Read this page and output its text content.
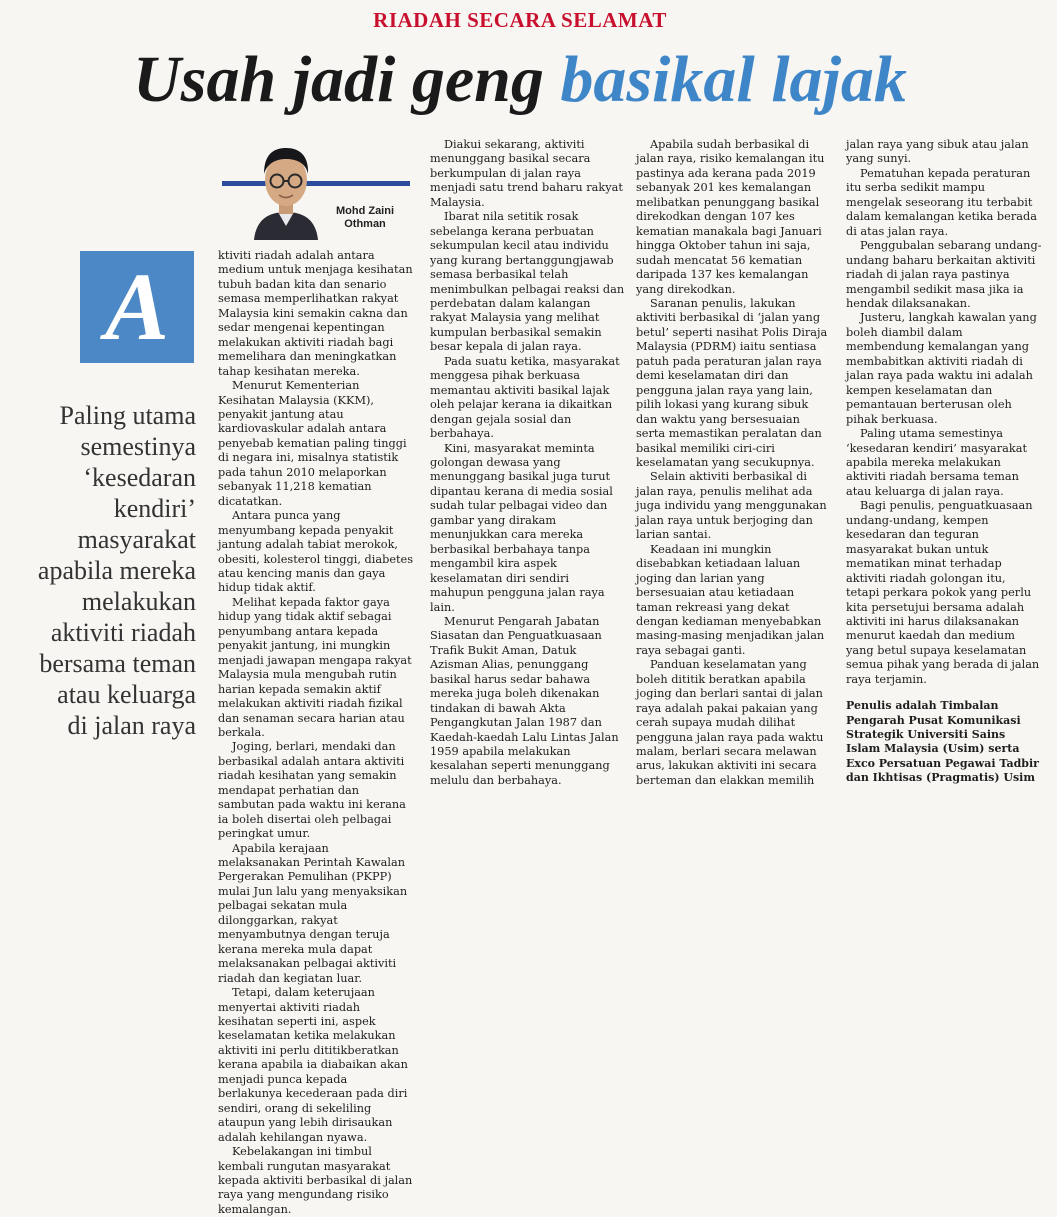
RIADAH SECARA SELAMAT
Usah jadi geng basikal lajak
Mohd Zaini
Othman
A
Paling utama
semestinya
‘kesedaran
kendiri’
masyarakat
apabila mereka
melakukan
aktiviti riadah
bersama teman
atau keluarga
di jalan raya

ktiviti riadah adalah antara medium untuk menjaga kesihatan tubuh badan kita dan senario semasa memperlihatkan rakyat Malaysia kini semakin cakna dan sedar mengenai kepentingan melakukan aktiviti riadah bagi memelihara dan meningkatkan tahap kesihatan mereka.

Menurut Kementerian Kesihatan Malaysia (KKM), penyakit jantung atau kardiovaskular adalah antara penyebab kematian paling tinggi di negara ini, misalnya statistik pada tahun 2010 melaporkan sebanyak 11,218 kematian dicatatkan.

Antara punca yang menyumbang kepada penyakit jantung adalah tabiat merokok, obesiti, kolesterol tinggi, diabetes atau kencing manis dan gaya hidup tidak aktif.

Melihat kepada faktor gaya hidup yang tidak aktif sebagai penyumbang antara kepada penyakit jantung, ini mungkin menjadi jawapan mengapa rakyat Malaysia mula mengubah rutin harian kepada semakin aktif melakukan aktiviti riadah fizikal dan senaman secara harian atau berkala.

Joging, berlari, mendaki dan berbasikal adalah antara aktiviti riadah kesihatan yang semakin mendapat perhatian dan sambutan pada waktu ini kerana ia boleh disertai oleh pelbagai peringkat umur.

Apabila kerajaan melaksanakan Perintah Kawalan Pergerakan Pemulihan (PKPP) mulai Jun lalu yang menyaksikan pelbagai sekatan mula dilonggarkan, rakyat menyambutnya dengan teruja kerana mereka mula dapat melaksanakan pelbagai aktiviti riadah dan kegiatan luar.

Tetapi, dalam keterujaan menyertai aktiviti riadah kesihatan seperti ini, aspek keselamatan ketika melakukan aktiviti ini perlu dititikberatkan kerana apabila ia diabaikan akan menjadi punca kepada berlakunya kecederaan pada diri sendiri, orang di sekeliling ataupun yang lebih dirisaukan adalah kehilangan nyawa.

Kebelakangan ini timbul kembali rungutan masyarakat kepada aktiviti berbasikal di jalan raya yang mengundang risiko kemalangan.

Diakui sekarang, aktiviti menunggang basikal secara berkumpulan di jalan raya menjadi satu trend baharu rakyat Malaysia.

Ibarat nila setitik rosak sebelanga kerana perbuatan sekumpulan kecil atau individu yang kurang bertanggungjawab semasa berbasikal telah menimbulkan pelbagai reaksi dan perdebatan dalam kalangan rakyat Malaysia yang melihat kumpulan berbasikal semakin besar kepala di jalan raya.

Pada suatu ketika, masyarakat menggesa pihak berkuasa memantau aktiviti basikal lajak oleh pelajar kerana ia dikaitkan dengan gejala sosial dan berbahaya.

Kini, masyarakat meminta golongan dewasa yang menunggang basikal juga turut dipantau kerana di media sosial sudah tular pelbagai video dan gambar yang dirakam menunjukkan cara mereka berbasikal berbahaya tanpa mengambil kira aspek keselamatan diri sendiri mahupun pengguna jalan raya lain.

Menurut Pengarah Jabatan Siasatan dan Penguatkuasaan Trafik Bukit Aman, Datuk Azisman Alias, penunggang basikal harus sedar bahawa mereka juga boleh dikenakan tindakan di bawah Akta Pengangkutan Jalan 1987 dan Kaedah-kaedah Lalu Lintas Jalan 1959 apabila melakukan kesalahan seperti menunggang melulu dan berbahaya.

Apabila sudah berbasikal di jalan raya, risiko kemalangan itu pastinya ada kerana pada 2019 sebanyak 201 kes kemalangan melibatkan penunggang basikal direkodkan dengan 107 kes kematian manakala bagi Januari hingga Oktober tahun ini saja, sudah mencatat 56 kematian daripada 137 kes kemalangan yang direkodkan.

Saranan penulis, lakukan aktiviti berbasikal di ‘jalan yang betul’ seperti nasihat Polis Diraja Malaysia (PDRM) iaitu sentiasa patuh pada peraturan jalan raya demi keselamatan diri dan pengguna jalan raya yang lain, pilih lokasi yang kurang sibuk dan waktu yang bersesuaian serta memastikan peralatan dan basikal memiliki ciri-ciri keselamatan yang secukupnya.

Selain aktiviti berbasikal di jalan raya, penulis melihat ada juga individu yang menggunakan jalan raya untuk berjoging dan larian santai.

Keadaan ini mungkin disebabkan ketiadaan laluan joging dan larian yang bersesuaian atau ketiadaan taman rekreasi yang dekat dengan kediaman menyebabkan masing-masing menjadikan jalan raya sebagai ganti.

Panduan keselamatan yang boleh dititik beratkan apabila joging dan berlari santai di jalan raya adalah pakai pakaian yang cerah supaya mudah dilihat pengguna jalan raya pada waktu malam, berlari secara melawan arus, lakukan aktiviti ini secara berteman dan elakkan memilih

jalan raya yang sibuk atau jalan yang sunyi.

Pematuhan kepada peraturan itu serba sedikit mampu mengelak seseorang itu terbabit dalam kemalangan ketika berada di atas jalan raya.

Penggubalan sebarang undang-undang baharu berkaitan aktiviti riadah di jalan raya pastinya mengambil sedikit masa jika ia hendak dilaksanakan.

Justeru, langkah kawalan yang boleh diambil dalam membendung kemalangan yang membabitkan aktiviti riadah di jalan raya pada waktu ini adalah kempen keselamatan dan pemantauan berterusan oleh pihak berkuasa.

Paling utama semestinya ‘kesedaran kendiri’ masyarakat apabila mereka melakukan aktiviti riadah bersama teman atau keluarga di jalan raya.

Bagi penulis, penguatkuasaan undang-undang, kempen kesedaran dan teguran masyarakat bukan untuk mematikan minat terhadap aktiviti riadah golongan itu, tetapi perkara pokok yang perlu kita persetujui bersama adalah aktiviti ini harus dilaksanakan menurut kaedah dan medium yang betul supaya keselamatan semua pihak yang berada di jalan raya terjamin.

Penulis adalah Timbalan Pengarah Pusat Komunikasi Strategik Universiti Sains Islam Malaysia (Usim) serta Exco Persatuan Pegawai Tadbir dan Ikhtisas (Pragmatis) Usim
